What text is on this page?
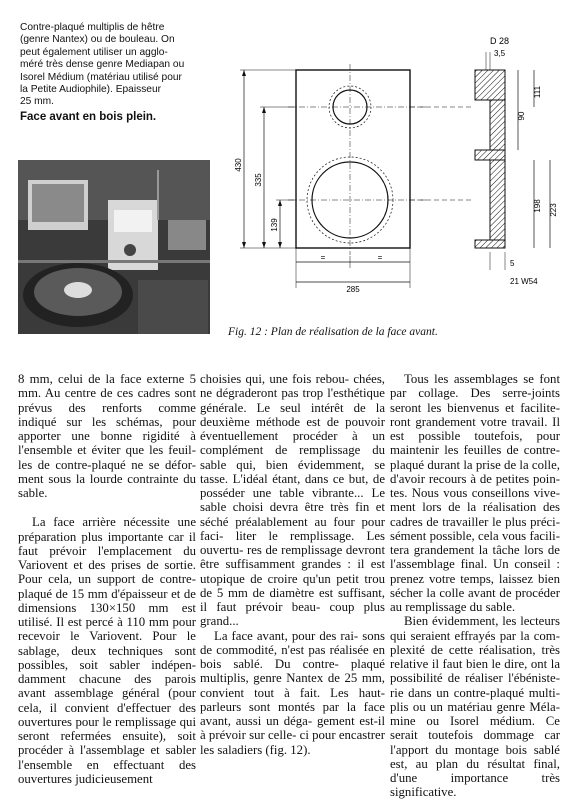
Contre-plaqué multiplis de hêtre
(genre Nantex) ou de bouleau. On
peut également utiliser un agglo-
méré très dense genre Mediapan ou
Isorel Médium (matériau utilisé pour
la Petite Audiophile). Epaisseur
25 mm.
Face avant en bois plein.
430
335
139
=	=
285
D 28
3,5
111
90
198 223
5
21 W54
Fig. 12 : Plan de réalisation de la face avant.

8 mm, celui de la face externe 5 mm. Au centre de ces cadres sont prévus des renforts comme indiqué sur les schémas, pour apporter une bonne rigidité à l'ensemble et éviter que les feuil- les de contre-plaqué ne se défor- ment sous la lourde contrainte du sable.

La face arrière nécessite une préparation plus importante car il faut prévoir l'emplacement du Variovent et des prises de sortie. Pour cela, un support de contre- plaqué de 15 mm d'épaisseur et de dimensions 130×150 mm est utilisé. Il est percé à 110 mm pour recevoir le Variovent. Pour le sablage, deux techniques sont possibles, soit sabler indépen- damment chacune des parois avant assemblage général (pour cela, il convient d'effectuer des ouvertures pour le remplissage qui seront refermées ensuite), soit procéder à l'assemblage et sabler l'ensemble en effectuant des ouvertures judicieusement

choisies qui, une fois rebou- chées, ne dégraderont pas trop l'esthétique générale. Le seul intérêt de la deuxième méthode est de pouvoir éventuellement procéder à un complément de remplissage du sable qui, bien évidemment, se tasse. L'idéal étant, dans ce but, de posséder une table vibrante... Le sable choisi devra être très fin et séché préalablement au four pour faci- liter le remplissage. Les ouvertu- res de remplissage devront être suffisamment grandes : il est utopique de croire qu'un petit trou de 5 mm de diamètre est suffisant, il faut prévoir beau- coup plus grand...

La face avant, pour des rai- sons de commodité, n'est pas réalisée en bois sablé. Du contre- plaqué multiplis, genre Nantex de 25 mm, convient tout à fait. Les haut-parleurs sont montés par la face avant, aussi un déga- gement est-il à prévoir sur celle- ci pour encastrer les saladiers (fig. 12).

Tous les assemblages se font par collage. Des serre-joints seront les bienvenus et facilite- ront grandement votre travail. Il est possible toutefois, pour maintenir les feuilles de contre- plaqué durant la prise de la colle, d'avoir recours à de petites poin- tes. Nous vous conseillons vive- ment lors de la réalisation des cadres de travailler le plus préci- sément possible, cela vous facili- tera grandement la tâche lors de l'assemblage final. Un conseil : prenez votre temps, laissez bien sécher la colle avant de procéder au remplissage du sable.

Bien évidemment, les lecteurs qui seraient effrayés par la com- plexité de cette réalisation, très relative il faut bien le dire, ont la possibilité de réaliser l'ébénistе- rie dans un contre-plaqué multi- plis ou un matériau genre Méla- mine ou Isorel médium. Ce serait toutefois dommage car l'apport du montage bois sablé est, au plan du résultat final, d'une	importance très significative.
